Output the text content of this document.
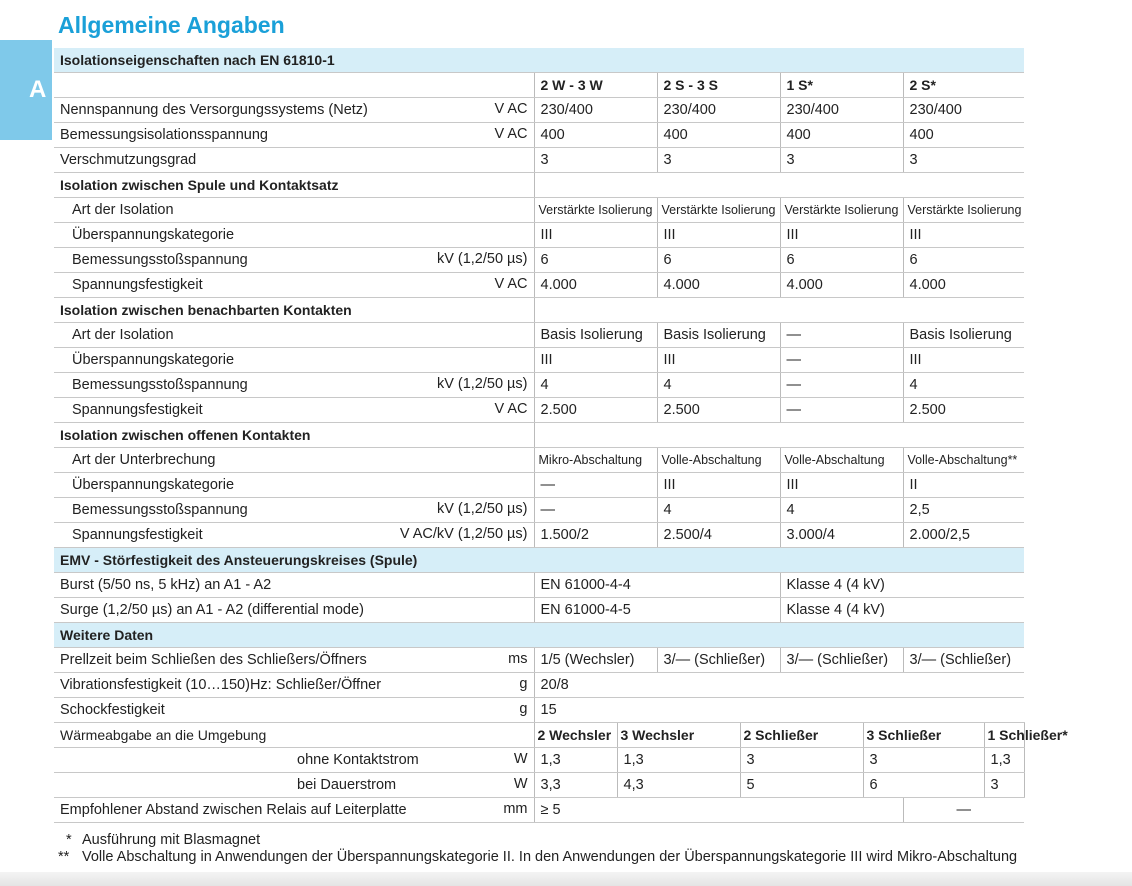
Allgemeine Angaben
A
Isolationseigenschaften nach EN 61810-1									
	2 W - 3 W		2 S - 3 S		1 S*		2 S*		
Nennspannung des Versorgungssystems (Netz) V AC	230/400		230/400		230/400		230/400		
Bemessungsisolationsspannung V AC	400		400		400		400		
Verschmutzungsgrad	3		3		3		3		
Isolation zwischen Spule und Kontaktsatz									
Art der Isolation	Verstärkte Isolierung		Verstärkte Isolierung		Verstärkte Isolierung		Verstärkte Isolierung		
Überspannungskategorie	III		III		III		III		
Bemessungsstoßspannung kV (1,2/50 µs)	6		6		6		6		
Spannungsfestigkeit V AC	4.000		4.000		4.000		4.000		
Isolation zwischen benachbarten Kontakten									
Art der Isolation	Basis Isolierung		Basis Isolierung		—		Basis Isolierung		
Überspannungskategorie	III		III		—		III		
Bemessungsstoßspannung kV (1,2/50 µs)	4		4		—		4		
Spannungsfestigkeit V AC	2.500		2.500		—		2.500		
Isolation zwischen offenen Kontakten									
Art der Unterbrechung	Mikro-Abschaltung		Volle-Abschaltung		Volle-Abschaltung		Volle-Abschaltung**		
Überspannungskategorie	—		III		III		II		
Bemessungsstoßspannung kV (1,2/50 µs)	—		4		4		2,5		
Spannungsfestigkeit V AC/kV (1,2/50 µs)	1.500/2		2.500/4		3.000/4		2.000/2,5		
EMV - Störfestigkeit des Ansteuerungskreises (Spule)									
Burst (5/50 ns, 5 kHz) an A1 - A2	EN 61000-4-4				Klasse 4 (4 kV)				
Surge (1,2/50 µs) an A1 - A2 (differential mode)	EN 61000-4-5				Klasse 4 (4 kV)				
Weitere Daten									
Prellzeit beim Schließen des Schließers/Öffners ms	1/5 (Wechsler)		3/— (Schließer)		3/— (Schließer)		3/— (Schließer)		
Vibrationsfestigkeit (10…150)Hz: Schließer/Öffner g	20/8								
Schockfestigkeit g	15								
Wärmeabgabe an die Umgebung	2 Wechsler	3 Wechsler		2 Schließer		3 Schließer		1 Schließer*	
ohne Kontaktstrom W	1,3	1,3		3		3		1,3	
bei Dauerstrom W	3,3	4,3		5		6		3	
Empfohlener Abstand zwischen Relais auf Leiterplatte mm	≥ 5						—		
* Ausführung mit Blasmagnet
** Volle Abschaltung in Anwendungen der Überspannungskategorie II. In den Anwendungen der Überspannungskategorie III wird Mikro-Abschaltung
